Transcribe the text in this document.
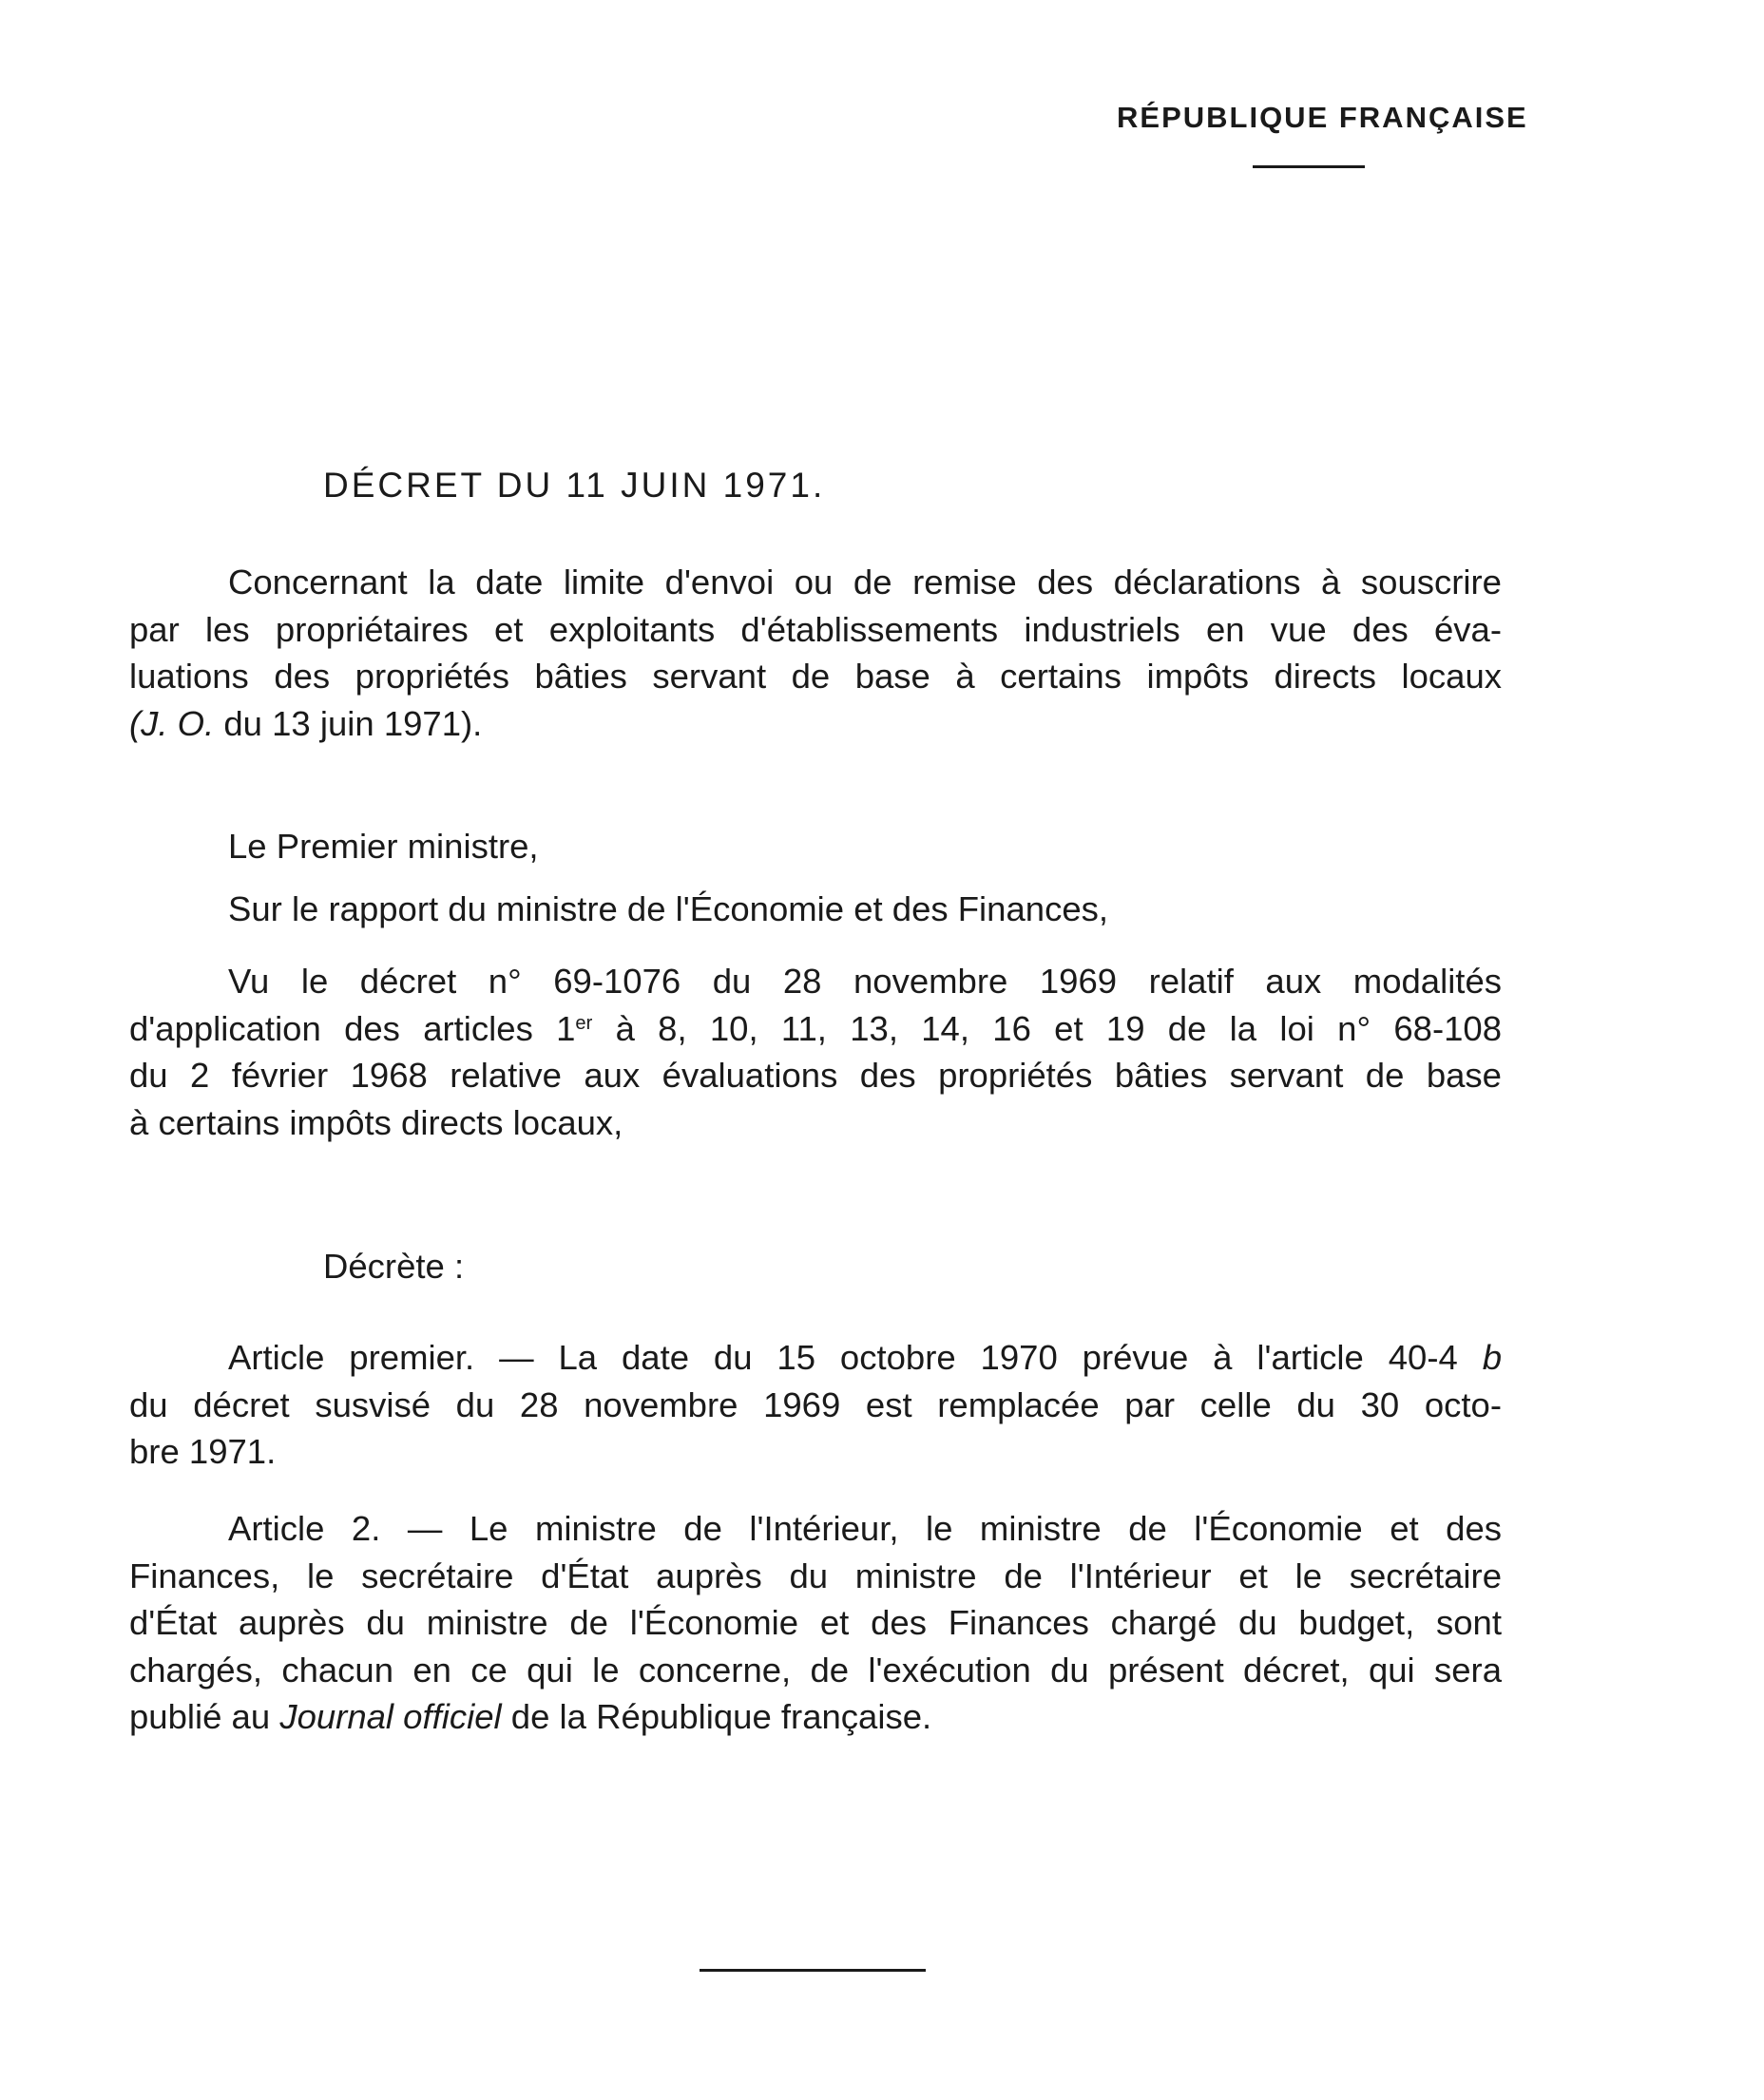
RÉPUBLIQUE FRANÇAISE
DÉCRET DU 11 JUIN 1971.
Concernant la date limite d'envoi ou de remise des déclarations à souscrire
par les propriétaires et exploitants d'établissements industriels en vue des éva-
luations des propriétés bâties servant de base à certains impôts directs locaux
(J. O. du 13 juin 1971).
Le Premier ministre,
Sur le rapport du ministre de l'Économie et des Finances,
Vu le décret n° 69-1076 du 28 novembre 1969 relatif aux modalités
d'application des articles 1er à 8, 10, 11, 13, 14, 16 et 19 de la loi n° 68-108
du 2 février 1968 relative aux évaluations des propriétés bâties servant de base
à certains impôts directs locaux,
Décrète :
Article premier. — La date du 15 octobre 1970 prévue à l'article 40-4 b
du décret susvisé du 28 novembre 1969 est remplacée par celle du 30 octo-
bre 1971.
Article 2. — Le ministre de l'Intérieur, le ministre de l'Économie et des
Finances, le secrétaire d'État auprès du ministre de l'Intérieur et le secrétaire
d'État auprès du ministre de l'Économie et des Finances chargé du budget, sont
chargés, chacun en ce qui le concerne, de l'exécution du présent décret, qui sera
publié au Journal officiel de la République française.
